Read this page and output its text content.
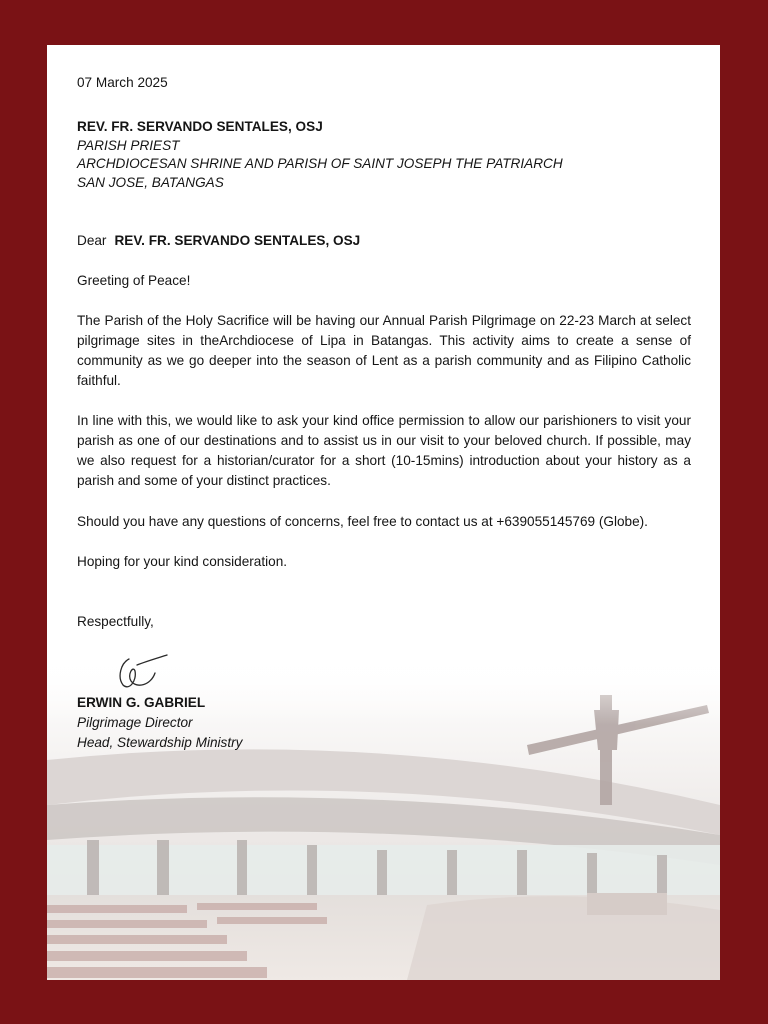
07 March 2025
REV. FR. SERVANDO SENTALES, OSJ
PARISH PRIEST
ARCHDIOCESAN SHRINE AND PARISH OF SAINT JOSEPH THE PATRIARCH
SAN JOSE, BATANGAS
Dear REV. FR. SERVANDO SENTALES, OSJ
Greeting of Peace!
The Parish of the Holy Sacrifice will be having our Annual Parish Pilgrimage on 22-23 March at select pilgrimage sites in theArchdiocese of Lipa in Batangas. This activity aims to create a sense of community as we go deeper into the season of Lent as a parish community and as Filipino Catholic faithful.
In line with this, we would like to ask your kind office permission to allow our parishioners to visit your parish as one of our destinations and to assist us in our visit to your beloved church. If possible, may we also request for a historian/curator for a short (10-15mins) introduction about your history as a parish and some of your distinct practices.
Should you have any questions of concerns, feel free to contact us at +639055145769 (Globe).
Hoping for your kind consideration.
Respectfully,
ERWIN G. GABRIEL
Pilgrimage Director
Head, Stewardship Ministry
